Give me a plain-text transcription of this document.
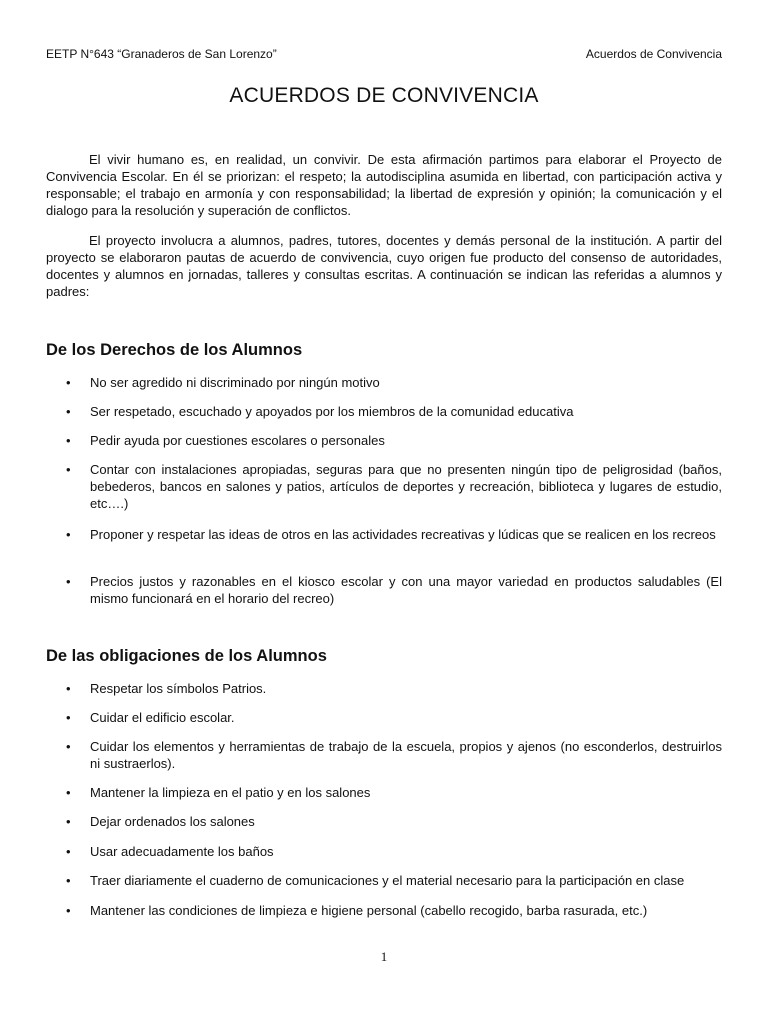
EETP N°643 “Granaderos de San Lorenzo”	Acuerdos de Convivencia
ACUERDOS DE CONVIVENCIA

El vivir humano es, en realidad, un convivir. De esta afirmación partimos para elaborar el Proyecto de Convivencia Escolar. En él se priorizan: el respeto; la autodisciplina asumida en libertad, con participación activa y responsable; el trabajo en armonía y con responsabilidad; la libertad de expresión y opinión; la comunicación y el dialogo para la resolución y superación de conflictos.

El proyecto involucra a alumnos, padres, tutores, docentes y demás personal de la institución. A partir del proyecto se elaboraron pautas de acuerdo de convivencia, cuyo origen fue producto del consenso de autoridades, docentes y alumnos en jornadas, talleres y consultas escritas. A continuación se indican las referidas a alumnos y padres:

De los Derechos de los Alumnos
• No ser agredido ni discriminado por ningún motivo
• Ser respetado, escuchado y apoyados por los miembros de la comunidad educativa
• Pedir ayuda por cuestiones escolares o personales
• Contar con instalaciones apropiadas, seguras para que no presenten ningún tipo de peligrosidad (baños, bebederos, bancos en salones y patios, artículos de deportes y recreación, biblioteca y lugares de estudio, etc….)
• Proponer y respetar las ideas de otros en las actividades recreativas y lúdicas que se realicen en los recreos
• Precios justos y razonables en el kiosco escolar y con una mayor variedad en productos saludables (El mismo funcionará en el horario del recreo)
De las obligaciones de los Alumnos
• Respetar los símbolos Patrios.
• Cuidar el edificio escolar.
• Cuidar los elementos y herramientas de trabajo de la escuela, propios y ajenos (no esconderlos, destruirlos ni sustraerlos).
• Mantener la limpieza en el patio y en los salones
• Dejar ordenados los salones
• Usar adecuadamente los baños
• Traer diariamente el cuaderno de comunicaciones y el material necesario para la participación en clase
• Mantener las condiciones de limpieza e higiene personal (cabello recogido, barba rasurada, etc.)
1
